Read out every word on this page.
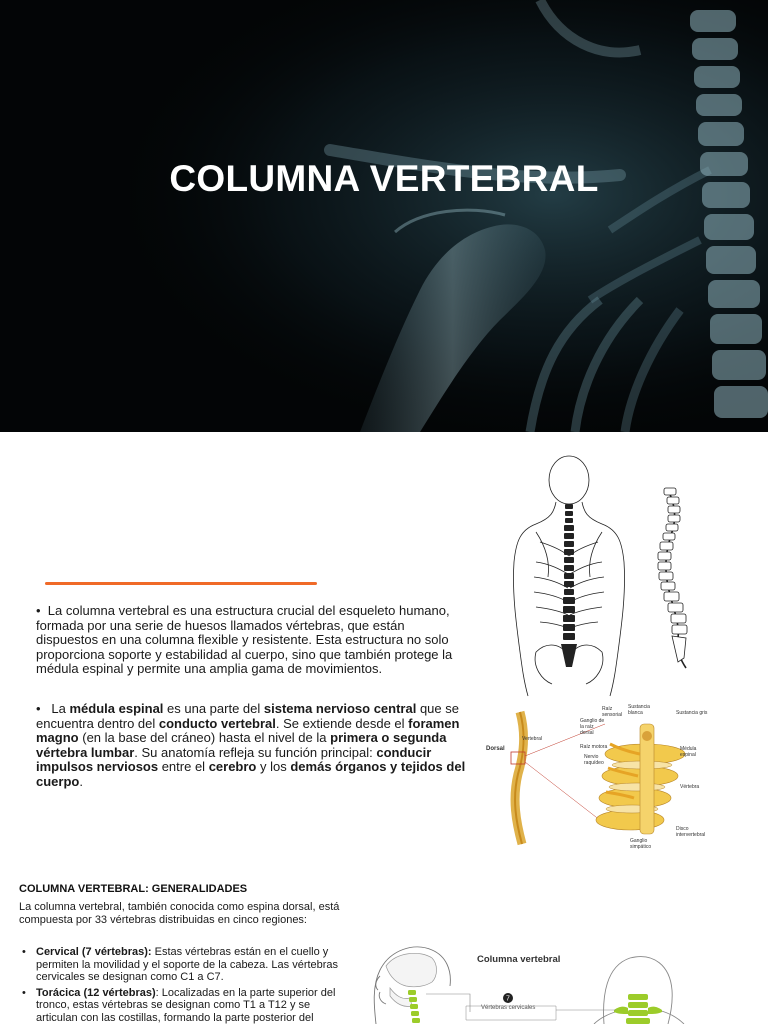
COLUMNA VERTEBRAL
•  La columna vertebral es una estructura crucial del esqueleto humano, formada por una serie de huesos llamados vértebras, que están dispuestos en una columna flexible y resistente. Esta estructura no solo proporciona soporte y estabilidad al cuerpo, sino que también protege la médula espinal y permite una amplia gama de movimientos.
•   La médula espinal es una parte del sistema nervioso central que se encuentra dentro del conducto vertebral. Se extiende desde el foramen magno (en la base del cráneo) hasta el nivel de la primera o segunda vértebra lumbar. Su anatomía refleja su función principal: conducir impulsos nerviosos entre el cerebro y los demás órganos y tejidos del cuerpo.
Dorsal
Vertebral
Raíz sensorial
Sustancia blanca	Sustancia gris
Ganglio de la raíz dorsal
Raíz motora
Nervio raquídeo
Médula espinal
Vértebra
Disco intervertebral
Ganglio simpático
COLUMNA VERTEBRAL: GENERALIDADES
La columna vertebral, también conocida como espina dorsal, está compuesta por 33 vértebras distribuidas en cinco regiones:
• Cervical (7 vértebras): Estas vértebras están en el cuello y permiten la movilidad y el soporte de la cabeza. Las vértebras cervicales se designan como C1 a C7.
• Torácica (12 vértebras): Localizadas en la parte superior del tronco, estas vértebras se designan como T1 a T12 y se articulan con las costillas, formando la parte posterior del
7
Columna vertebral
Vértebras cervicales
